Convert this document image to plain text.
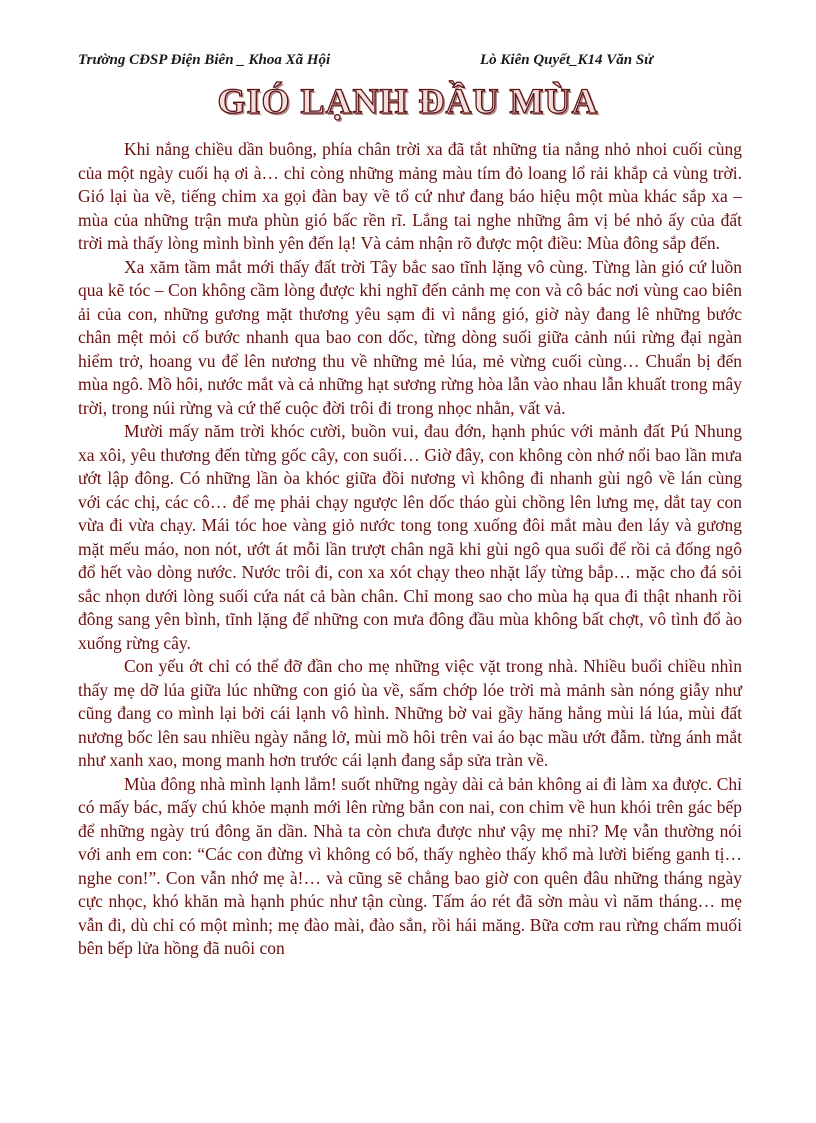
Trường CĐSP Điện Biên _ Khoa Xã Hội	Lò Kiên Quyết_K14 Văn Sử
GIÓ LẠNH ĐẦU MÙA

Khi nắng chiều dần buông, phía chân trời xa đã tắt những tia nắng nhỏ nhoi cuối cùng của một ngày cuối hạ ơi à… chỉ còng những mảng màu tím đỏ loang lổ rải khắp cả vùng trời. Gió lại ùa về, tiếng chim xa gọi đàn bay về tổ cứ như đang báo hiệu một mùa khác sắp xa – mùa của những trận mưa phùn gió bấc rền rĩ. Lắng tai nghe những âm vị bé nhỏ ấy của đất trời mà thấy lòng mình bình yên đến lạ! Và cảm nhận rõ được một điều: Mùa đông sắp đến.

Xa xăm tầm mắt mới thấy đất trời Tây bắc sao tĩnh lặng vô cùng. Từng làn gió cứ luồn qua kẽ tóc – Con không cầm lòng được khi nghĩ đến cảnh mẹ con và cô bác nơi vùng cao biên ải của con, những gương mặt thương yêu sạm đi vì nắng gió, giờ này đang lê những bước chân mệt mỏi cố bước nhanh qua bao con dốc, từng dòng suối giữa cảnh núi rừng đại ngàn hiểm trở, hoang vu để lên nương thu về những mẻ lúa, mẻ vừng cuối cùng… Chuẩn bị đến mùa ngô. Mồ hôi, nước mắt và cả những hạt sương rừng hòa lẫn vào nhau lẫn khuất trong mây trời, trong núi rừng và cứ thế cuộc đời trôi đi trong nhọc nhằn, vất vả.

Mười mấy năm trời khóc cười, buồn vui, đau đớn, hạnh phúc với mảnh đất Pú Nhung xa xôi, yêu thương đến từng gốc cây, con suối… Giờ đây, con không còn nhớ nổi bao lần mưa ướt lập đông. Có những lần òa khóc giữa đồi nương vì không đi nhanh gùi ngô về lán cùng với các chị, các cô… để mẹ phải chạy ngược lên dốc tháo gùi chồng lên lưng mẹ, dắt tay con vừa đi vừa chạy. Mái tóc hoe vàng giỏ nước tong tong xuống đôi mắt màu đen láy và gương mặt mếu máo, non nót, ướt át mỗi lần trượt chân ngã khi gùi ngô qua suối để rồi cả đống ngô đổ hết vào dòng nước. Nước trôi đi, con xa xót chạy theo nhặt lấy từng bắp… mặc cho đá sỏi sắc nhọn dưới lòng suối cứa nát cả bàn chân. Chỉ mong sao cho mùa hạ qua đi thật nhanh rồi đông sang yên bình, tĩnh lặng để những con mưa đông đầu mùa không bất chợt, vô tình đổ ào xuống rừng cây.

Con yếu ớt chỉ có thể đỡ đần cho mẹ những việc vặt trong nhà. Nhiều buổi chiều nhìn thấy mẹ dỡ lúa giữa lúc những con gió ùa về, sấm chớp lóe trời mà mảnh sàn nóng giẫy như cũng đang co mình lại bởi cái lạnh vô hình. Những bờ vai gầy hăng hắng mùi lá lúa, mùi đất nương bốc lên sau nhiều ngày nắng lở, mùi mồ hôi trên vai áo bạc mầu ướt đẫm. từng ánh mắt như xanh xao, mong manh hơn trước cái lạnh đang sắp sửa tràn về.

Mùa đông nhà mình lạnh lắm! suốt những ngày dài cả bản không ai đi làm xa được. Chỉ có mấy bác, mấy chú khỏe mạnh mới lên rừng bắn con nai, con chim về hun khói trên gác bếp để những ngày trú đông ăn dần. Nhà ta còn chưa được như vậy mẹ nhỉ? Mẹ vẫn thường nói với anh em con: “Các con đừng vì không có bố, thấy nghèo thấy khổ mà lười biếng ganh tị… nghe con!”. Con vẫn nhớ mẹ à!… và cũng sẽ chẳng bao giờ con quên đâu những tháng ngày cực nhọc, khó khăn mà hạnh phúc như tận cùng. Tấm áo rét đã sờn màu vì năm tháng… mẹ vẫn đi, dù chỉ có một mình; mẹ đào mài, đào sắn, rồi hái măng. Bữa cơm rau rừng chấm muối bên bếp lửa hồng đã nuôi con
